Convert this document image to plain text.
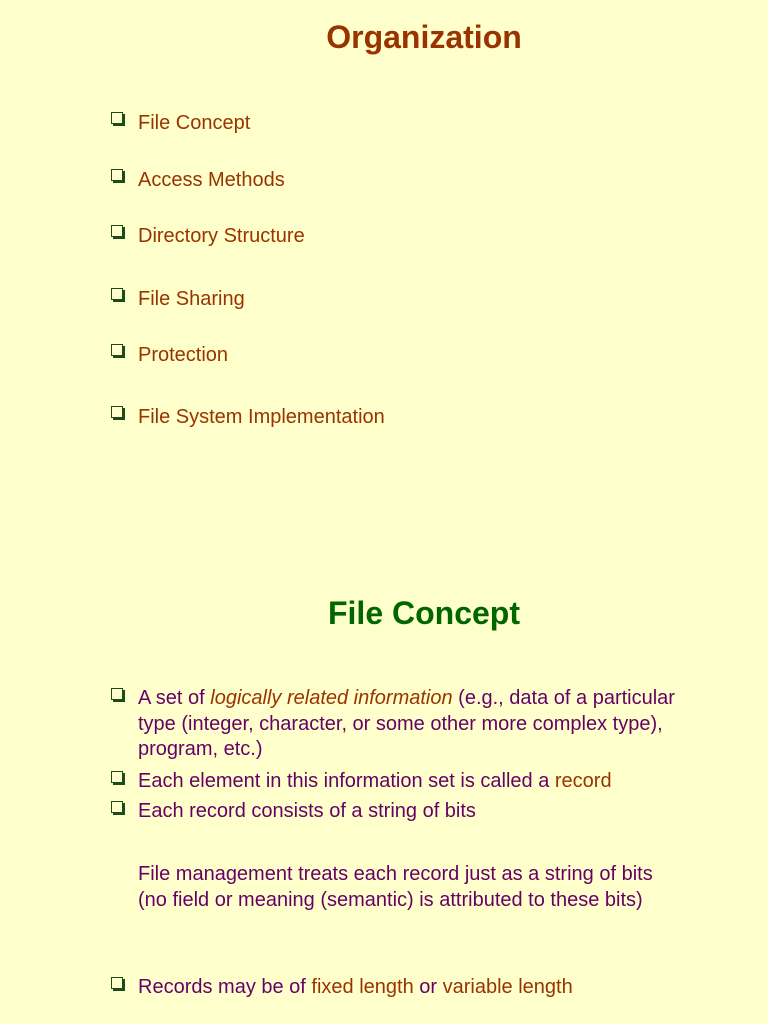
Organization
File Concept
Access Methods
Directory Structure
File Sharing
Protection
File System Implementation
File Concept
A set of logically related information (e.g., data of a particular type (integer, character, or some other more complex type), program, etc.)
Each element in this information set is called a record
Each record consists of a string of bits
File management treats each record just as a string of bits (no field or meaning (semantic) is attributed to these bits)
Records may be of fixed length or variable length
